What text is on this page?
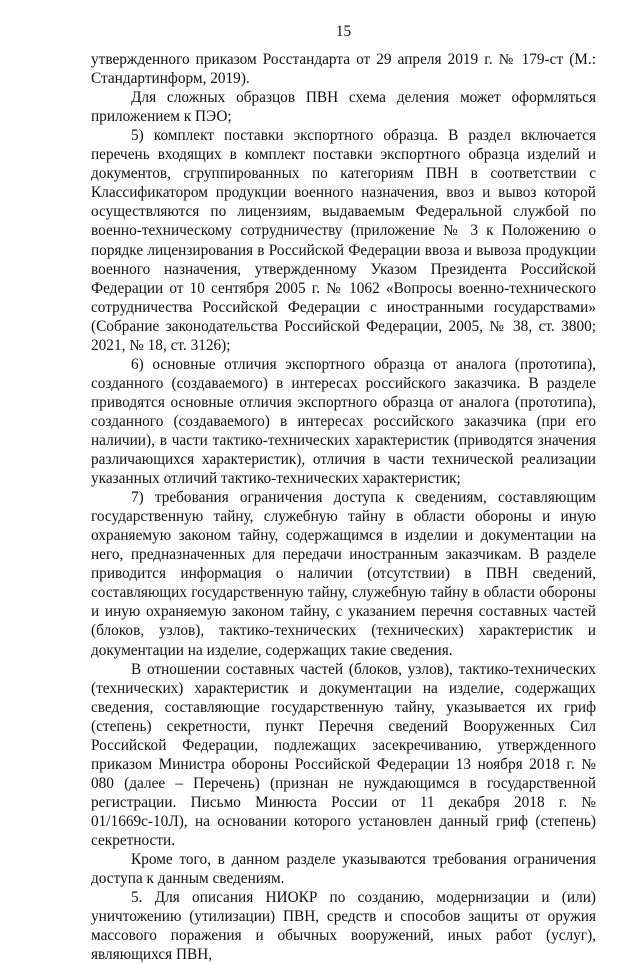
15

утвержденного приказом Росстандарта от 29 апреля 2019 г. № 179-ст (М.: Стандартинформ, 2019).

Для сложных образцов ПВН схема деления может оформляться приложением к ПЭО;

5) комплект поставки экспортного образца. В раздел включается перечень входящих в комплект поставки экспортного образца изделий и документов, сгруппированных по категориям ПВН в соответствии с Классификатором продукции военного назначения, ввоз и вывоз которой осуществляются по лицензиям, выдаваемым Федеральной службой по военно-техническому сотрудничеству (приложение № 3 к Положению о порядке лицензирования в Российской Федерации ввоза и вывоза продукции военного назначения, утвержденному Указом Президента Российской Федерации от 10 сентября 2005 г. № 1062 «Вопросы военно-технического сотрудничества Российской Федерации с иностранными государствами» (Собрание законодательства Российской Федерации, 2005, № 38, ст. 3800; 2021, № 18, ст. 3126);

6) основные отличия экспортного образца от аналога (прототипа), созданного (создаваемого) в интересах российского заказчика. В разделе приводятся основные отличия экспортного образца от аналога (прототипа), созданного (создаваемого) в интересах российского заказчика (при его наличии), в части тактико-технических характеристик (приводятся значения различающихся характеристик), отличия в части технической реализации указанных отличий тактико-технических характеристик;

7) требования ограничения доступа к сведениям, составляющим государственную тайну, служебную тайну в области обороны и иную охраняемую законом тайну, содержащимся в изделии и документации на него, предназначенных для передачи иностранным заказчикам. В разделе приводится информация о наличии (отсутствии) в ПВН сведений, составляющих государственную тайну, служебную тайну в области обороны и иную охраняемую законом тайну, с указанием перечня составных частей (блоков, узлов), тактико-технических (технических) характеристик и документации на изделие, содержащих такие сведения.

В отношении составных частей (блоков, узлов), тактико-технических (технических) характеристик и документации на изделие, содержащих сведения, составляющие государственную тайну, указывается их гриф (степень) секретности, пункт Перечня сведений Вооруженных Сил Российской Федерации, подлежащих засекречиванию, утвержденного приказом Министра обороны Российской Федерации 13 ноября 2018 г. № 080 (далее – Перечень) (признан не нуждающимся в государственной регистрации. Письмо Минюста России от 11 декабря 2018 г. № 01/1669с-10Л), на основании которого установлен данный гриф (степень) секретности.

Кроме того, в данном разделе указываются требования ограничения доступа к данным сведениям.

5. Для описания НИОКР по созданию, модернизации и (или) уничтожению (утилизации) ПВН, средств и способов защиты от оружия массового поражения и обычных вооружений, иных работ (услуг), являющихся ПВН,
